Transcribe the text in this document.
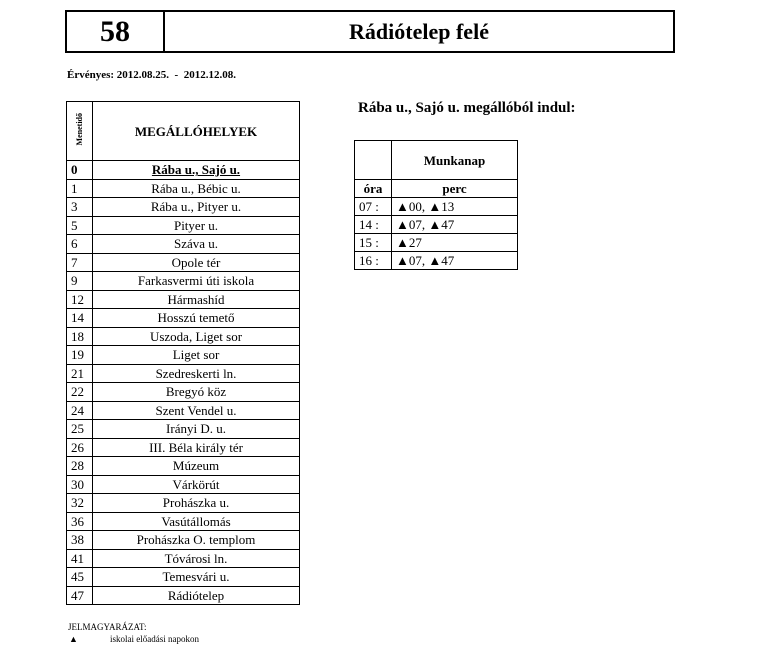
58	Rádiótelep felé
Érvényes: 2012.08.25.  -  2012.12.08.
Menetidő	MEGÁLLÓHELYEK
0	Rába u., Sajó u.
1	Rába u., Bébic u.
3	Rába u., Pityer u.
5	Pityer u.
6	Száva u.
7	Opole tér
9	Farkasvermi úti iskola
12	Hármashíd
14	Hosszú temető
18	Uszoda, Liget sor
19	Liget sor
21	Szedreskerti ln.
22	Bregyó köz
24	Szent Vendel u.
25	Irányi D. u.
26	III. Béla király tér
28	Múzeum
30	Várkörút
32	Prohászka u.
36	Vasútállomás
38	Prohászka O. templom
41	Tóvárosi ln.
45	Temesvári u.
47	Rádiótelep
Rába u., Sajó u. megállóból indul:
	Munkanap
óra	perc
07 :	▲00, ▲13
14 :	▲07, ▲47
15 :	▲27
16 :	▲07, ▲47
JELMAGYARÁZAT:
▲	iskolai előadási napokon
